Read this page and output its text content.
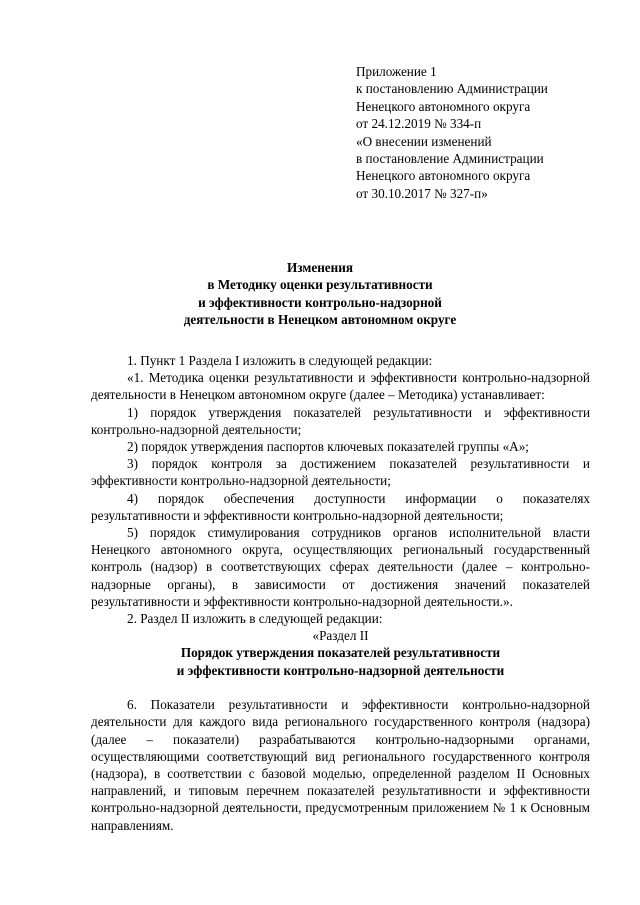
Приложение 1
к постановлению Администрации
Ненецкого автономного округа
от 24.12.2019 № 334-п
«О внесении изменений
в постановление Администрации
Ненецкого автономного округа
от 30.10.2017 № 327-п»
Изменения
в Методику оценки результативности
и эффективности контрольно-надзорной
деятельности в Ненецком автономном округе

1. Пункт 1 Раздела I изложить в следующей редакции:

«1. Методика оценки результативности и эффективности контрольно-надзорной деятельности в Ненецком автономном округе (далее – Методика) устанавливает:

1) порядок утверждения показателей результативности и эффективности контрольно-надзорной деятельности;

2) порядок утверждения паспортов ключевых показателей группы «А»;

3) порядок контроля за достижением показателей результативности и эффективности контрольно-надзорной деятельности;

4) порядок обеспечения доступности информации о показателях результативности и эффективности контрольно-надзорной деятельности;

5) порядок стимулирования сотрудников органов исполнительной власти Ненецкого автономного округа, осуществляющих региональный государственный контроль (надзор) в соответствующих сферах деятельности (далее – контрольно-надзорные органы), в зависимости от достижения значений показателей результативности и эффективности контрольно-надзорной деятельности.».

2. Раздел II изложить в следующей редакции:

«Раздел II

Порядок утверждения показателей результативности

и эффективности контрольно-надзорной деятельности

6. Показатели результативности и эффективности контрольно-надзорной деятельности для каждого вида регионального государственного контроля (надзора) (далее – показатели) разрабатываются контрольно-надзорными органами, осуществляющими соответствующий вид регионального государственного контроля (надзора), в соответствии с базовой моделью, определенной разделом II Основных направлений, и типовым перечнем показателей результативности и эффективности контрольно-надзорной деятельности, предусмотренным приложением № 1 к Основным направлениям.
